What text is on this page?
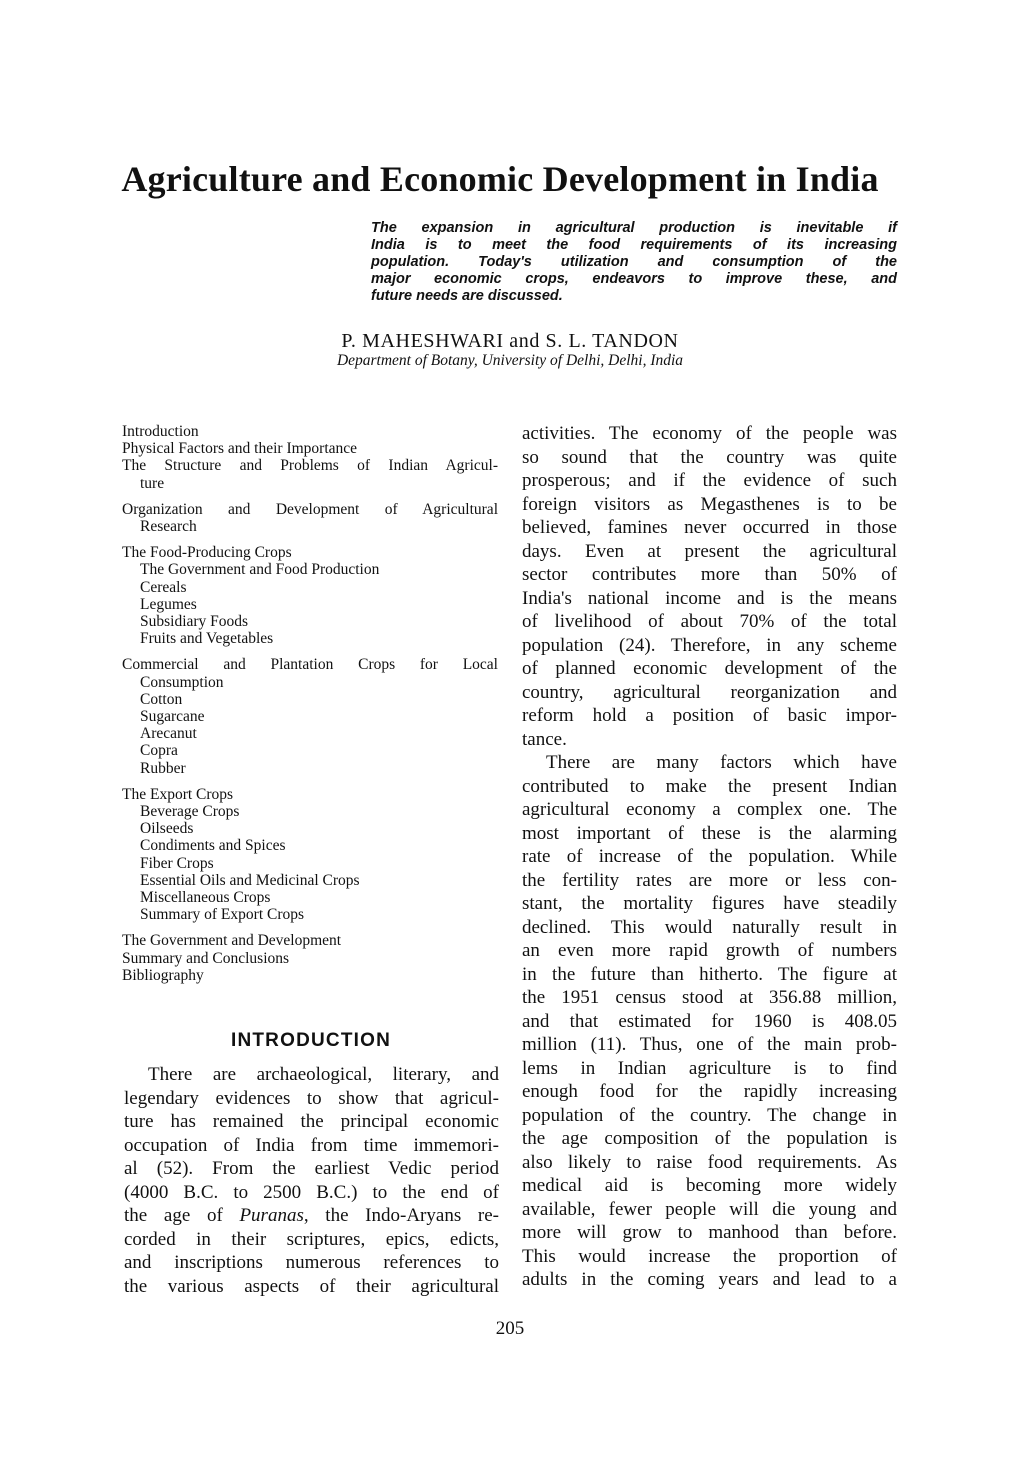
Agriculture and Economic Development in India
The expansion in agricultural production is inevitable if
India is to meet the food requirements of its increasing
population. Today's utilization and consumption of the
major economic crops, endeavors to improve these, and
future needs are discussed.
P. MAHESHWARI and S. L. TANDON
Department of Botany, University of Delhi, Delhi, India
Introduction
Physical Factors and their Importance
The Structure and Problems of Indian Agricul-
ture
Organization and Development of Agricultural
Research
The Food-Producing Crops
The Government and Food Production
Cereals
Legumes
Subsidiary Foods
Fruits and Vegetables
Commercial and Plantation Crops for Local
Consumption
Cotton
Sugarcane
Arecanut
Copra
Rubber
The Export Crops
Beverage Crops
Oilseeds
Condiments and Spices
Fiber Crops
Essential Oils and Medicinal Crops
Miscellaneous Crops
Summary of Export Crops
The Government and Development
Summary and Conclusions
Bibliography
INTRODUCTION
There are archaeological, literary, and
legendary evidences to show that agricul-
ture has remained the principal economic
occupation of India from time immemori-
al (52). From the earliest Vedic period
(4000 B.C. to 2500 B.C.) to the end of
the age of Puranas, the Indo-Aryans re-
corded in their scriptures, epics, edicts,
and inscriptions numerous references to
the various aspects of their agricultural
activities. The economy of the people was
so sound that the country was quite
prosperous; and if the evidence of such
foreign visitors as Megasthenes is to be
believed, famines never occurred in those
days. Even at present the agricultural
sector contributes more than 50% of
India's national income and is the means
of livelihood of about 70% of the total
population (24). Therefore, in any scheme
of planned economic development of the
country, agricultural reorganization and
reform hold a position of basic impor-
tance.
There are many factors which have
contributed to make the present Indian
agricultural economy a complex one. The
most important of these is the alarming
rate of increase of the population. While
the fertility rates are more or less con-
stant, the mortality figures have steadily
declined. This would naturally result in
an even more rapid growth of numbers
in the future than hitherto. The figure at
the 1951 census stood at 356.88 million,
and that estimated for 1960 is 408.05
million (11). Thus, one of the main prob-
lems in Indian agriculture is to find
enough food for the rapidly increasing
population of the country. The change in
the age composition of the population is
also likely to raise food requirements. As
medical aid is becoming more widely
available, fewer people will die young and
more will grow to manhood than before.
This would increase the proportion of
adults in the coming years and lead to a
205
